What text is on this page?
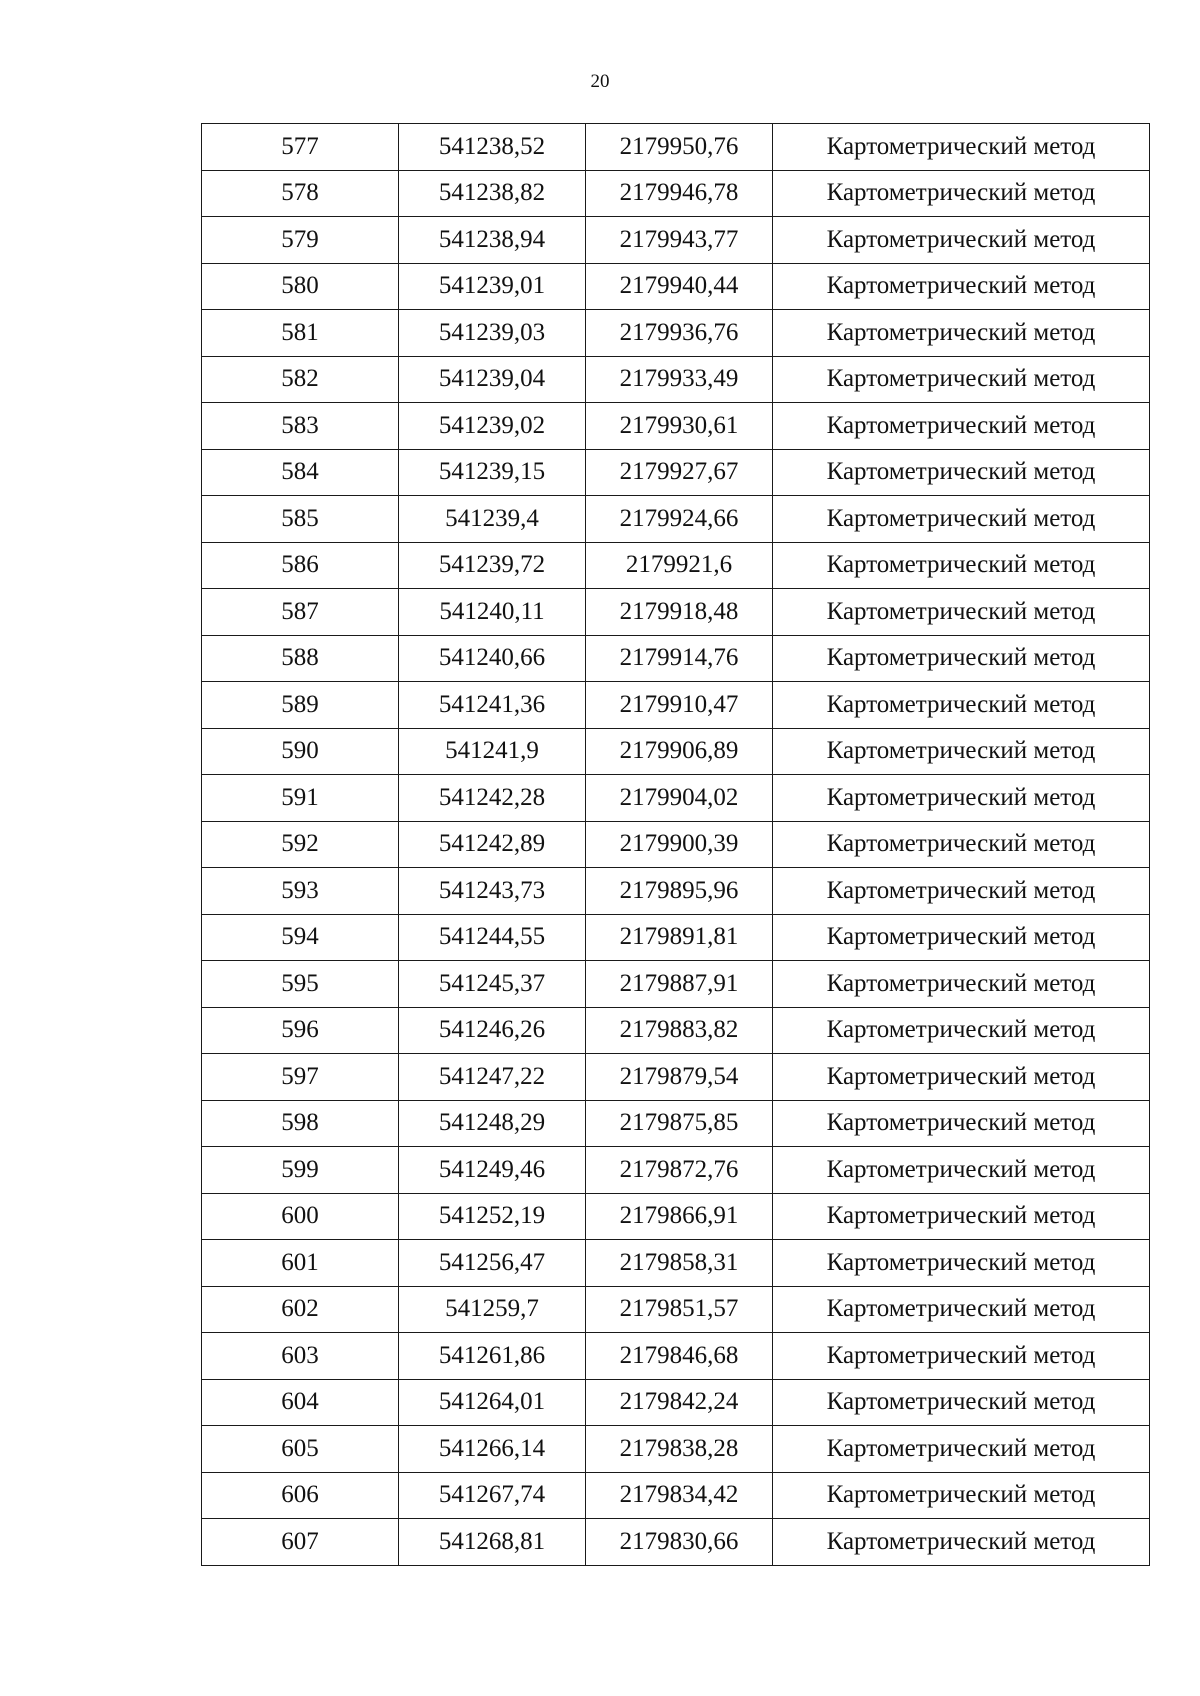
20
577	541238,52	2179950,76	Картометрический метод
578	541238,82	2179946,78	Картометрический метод
579	541238,94	2179943,77	Картометрический метод
580	541239,01	2179940,44	Картометрический метод
581	541239,03	2179936,76	Картометрический метод
582	541239,04	2179933,49	Картометрический метод
583	541239,02	2179930,61	Картометрический метод
584	541239,15	2179927,67	Картометрический метод
585	541239,4	2179924,66	Картометрический метод
586	541239,72	2179921,6	Картометрический метод
587	541240,11	2179918,48	Картометрический метод
588	541240,66	2179914,76	Картометрический метод
589	541241,36	2179910,47	Картометрический метод
590	541241,9	2179906,89	Картометрический метод
591	541242,28	2179904,02	Картометрический метод
592	541242,89	2179900,39	Картометрический метод
593	541243,73	2179895,96	Картометрический метод
594	541244,55	2179891,81	Картометрический метод
595	541245,37	2179887,91	Картометрический метод
596	541246,26	2179883,82	Картометрический метод
597	541247,22	2179879,54	Картометрический метод
598	541248,29	2179875,85	Картометрический метод
599	541249,46	2179872,76	Картометрический метод
600	541252,19	2179866,91	Картометрический метод
601	541256,47	2179858,31	Картометрический метод
602	541259,7	2179851,57	Картометрический метод
603	541261,86	2179846,68	Картометрический метод
604	541264,01	2179842,24	Картометрический метод
605	541266,14	2179838,28	Картометрический метод
606	541267,74	2179834,42	Картометрический метод
607	541268,81	2179830,66	Картометрический метод
